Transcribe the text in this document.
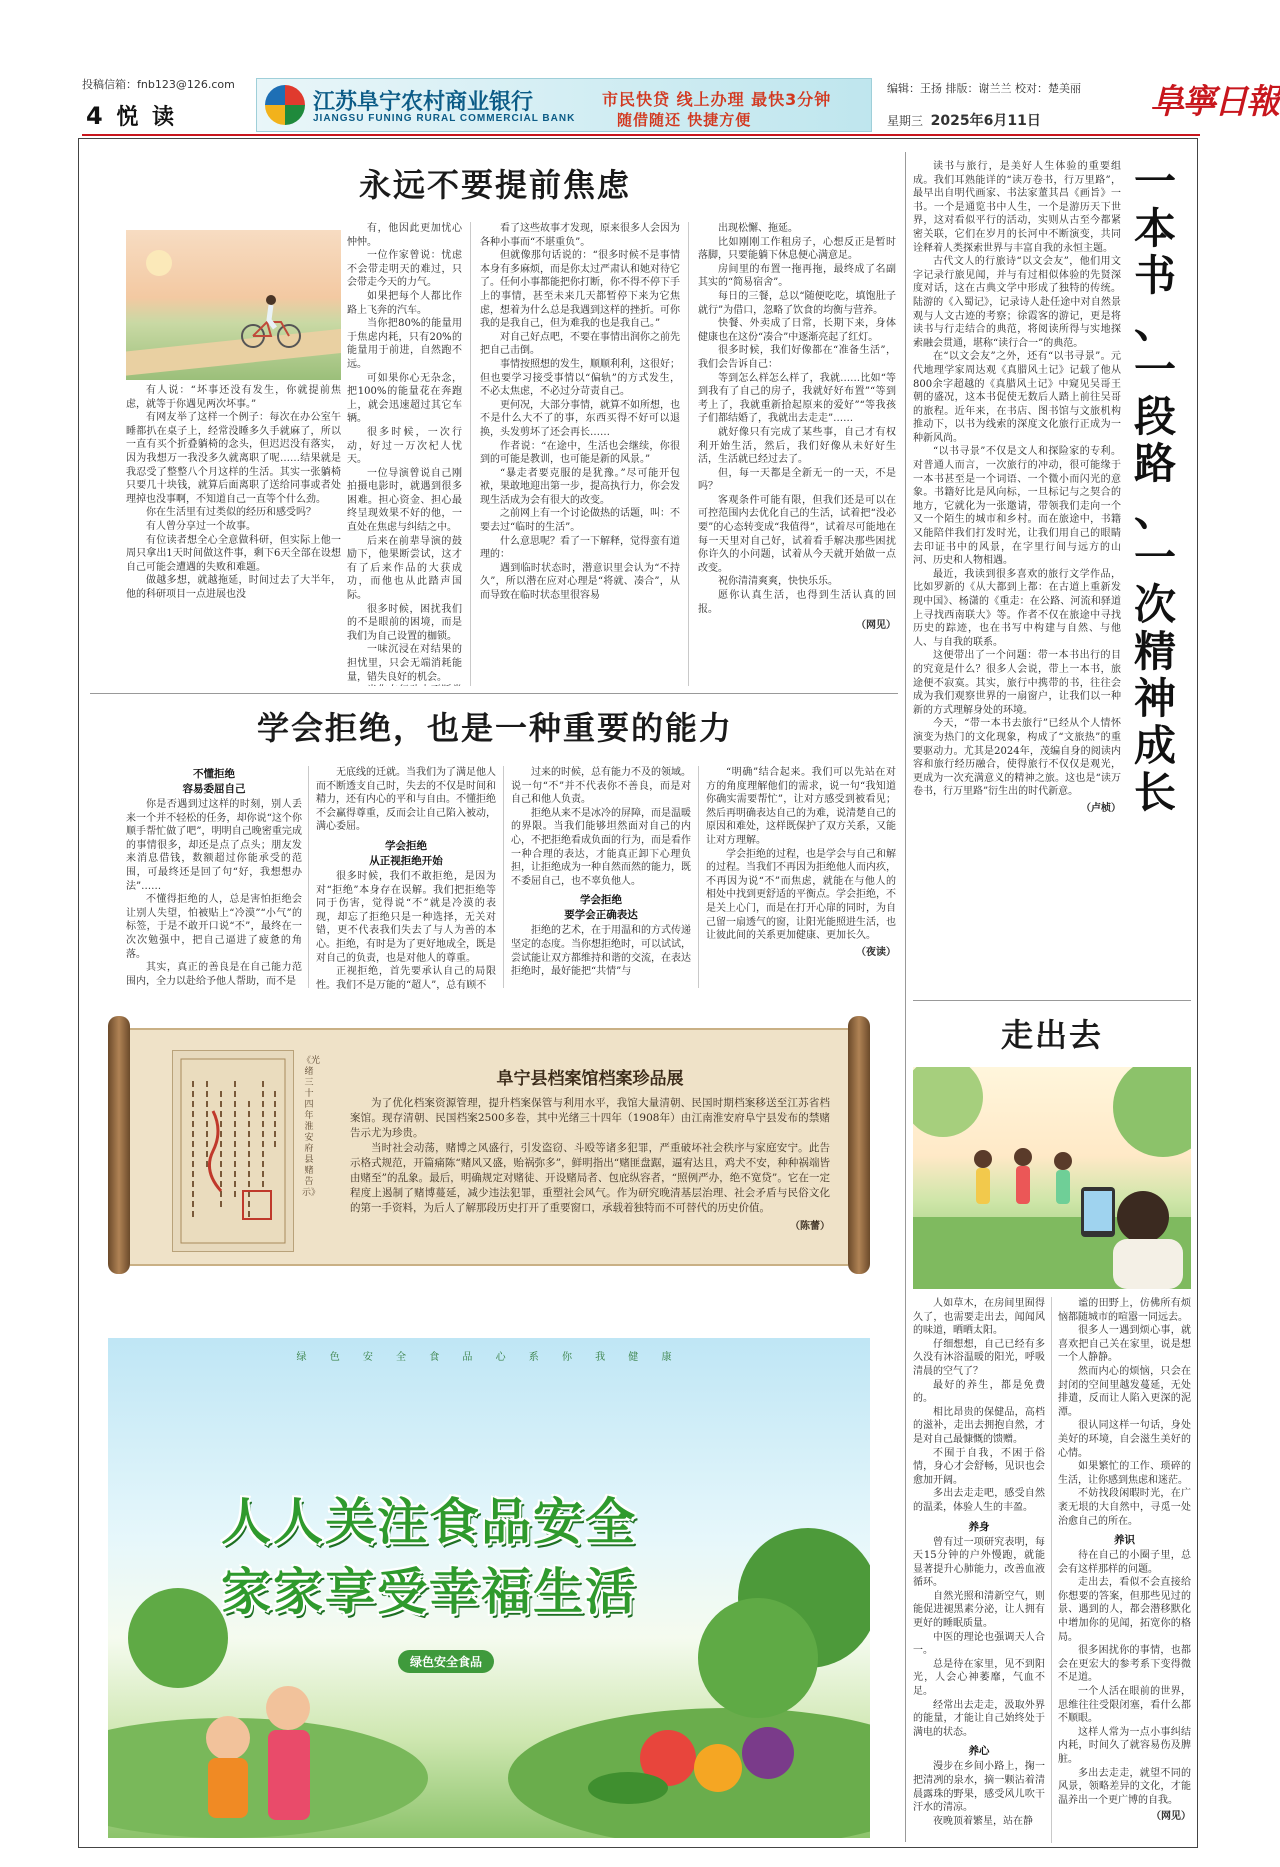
投稿信箱：fnb123@126.com
4 悦 读
江苏阜宁农村商业银行
JIANGSU FUNING RURAL COMMERCIAL BANK
市民快贷 线上办理 最快3分钟
随借随还 快捷方便
编辑：王扬 排版：谢兰兰 校对：楚美丽
星期三 2025年6月11日	阜寧日報
永远不要提前焦虑

有人说：“坏事还没有发生，你就提前焦虑，就等于你遇见两次坏事。”

有网友举了这样一个例子：每次在办公室午睡都扒在桌子上，经常没睡多久手就麻了，所以一直有买个折叠躺椅的念头，但迟迟没有落实，因为我想万一我没多久就离职了呢……结果就是我忍受了整整八个月这样的生活。其实一张躺椅只要几十块钱，就算后面离职了送给同事或者处理掉也没事啊，不知道自己一直等个什么劲。

你在生活里有过类似的经历和感受吗？

有人曾分享过一个故事。

有位读者想全心全意做科研，但实际上他一周只拿出1天时间做这件事，剩下6天全部在设想自己可能会遭遇的失败和难题。

做越多想，就越拖延，时间过去了大半年，他的科研项目一点进展也没

有，他因此更加忧心忡忡。

一位作家曾说：忧虑不会带走明天的难过，只会带走今天的力气。

如果把每个人都比作路上飞奔的汽车。

当你把80%的能量用于焦虑内耗，只有20%的能量用于前进，自然跑不远。

可如果你心无杂念，把100%的能量花在奔跑上，就会迅速超过其它车辆。

很多时候，一次行动，好过一万次杞人忧天。

一位导演曾说自己刚拍摄电影时，就遇到很多困难。担心资金、担心最终呈现效果不好的他，一直处在焦虑与纠结之中。

后来在前辈导演的鼓励下，他果断尝试，这才有了后来作品的大获成功，而他也从此踏声国际。

很多时候，困扰我们的不是眼前的困境，而是我们为自己设置的枷锁。

一味沉浸在对结果的担忧里，只会无端消耗能量，错失良好的机会。

看了这些故事才发现，原来很多人会因为各种小事而“不堪重负”。

但就像那句话说的：“很多时候不是事情本身有多麻烦，而是你太过严肃认和她对待它了。任何小事都能把你打断，你不得不停下手上的事情，甚至未来几天都暂停下来为它焦虑，想着为什么总是我遇到这样的挫折。可你我的是我自己，但为难我的也是我自己。”

对自己好点吧，不要在事情出润你之前先把自己击倒。

事情按照想的发生，顺顺利利，这很好；但也要学习接受事情以“偏轨”的方式发生，不必太焦虑，不必过分苛责自己。

更何况，大部分事情，就算不如所想，也不是什么大不了的事，东西买得不好可以退换，头发剪坏了还会再长……

作者说：“在途中，生活也会继续，你很到的可能是教训，也可能是新的风景。”

“暴走者要克服的是犹豫。”尽可能开包袱，果敢地迎出第一步，提高执行力，你会发现生活成为会有很大的改变。

之前网上有一个讨论做热的话题，叫：不要去过“临时的生活”。

什么意思呢？看了一下解释，觉得蛮有道理的：

遇到临时状态时，潜意识里会认为“不持久”，所以潜在应对心理是“将就、凑合”，从而导致在临时状态里很容易

出现松懈、拖延。

比如刚刚工作租房子，心想反正是暂时落脚，只要能躺下休息便心满意足。

房间里的布置一拖再拖，最终成了名副其实的“简易宿舍”。

每日的三餐，总以“随便吃吃，填饱肚子就行”为借口，忽略了饮食的均衡与营养。

快餐、外卖成了日常，长期下来，身体健康也在这份“凑合”中逐渐亮起了红灯。

很多时候，我们好像都在“准备生活”，我们会告诉自己：

等到怎么样怎么样了，我就……比如“等到我有了自己的房子，我就好好布置”“等到考上了，我就重新拾起原来的爱好”“等我孩子们都结婚了，我就出去走走”……

就好像只有完成了某些事，自己才有权利开始生活，然后，我们好像从未好好生活，生活就已经过去了。

但，每一天都是全新无一的一天，不是吗？

客观条件可能有限，但我们还是可以在可控范围内去优化自己的生活，试着把“没必要”的心态转变成“我值得”，试着尽可能地在每一天里对自己好，试着看手解决那些困扰你许久的小问题，试着从今天就开始做一点改变。

祝你清清爽爽，快快乐乐。

愿你认真生活，也得到生活认真的回报。

（网见）
学会拒绝，也是一种重要的能力
不懂拒绝
容易委屈自己

你是否遇到过这样的时刻，别人丢来一个并不轻松的任务，却你说“这个你顺手帮忙做了吧”，明明自己晚密重完成的事情很多，却还是点了点头；朋友发来消息借钱，数额超过你能承受的范围，可最终还是回了句“好，我想想办法”……

不懂得拒绝的人，总是害怕拒绝会让别人失望，怕被贴上“冷漠”“小气”的标签，于是不敢开口说“不”，最终在一次次勉强中，把自己逼进了疲惫的角落。

其实，真正的善良是在自己能力范围内，全力以赴给予他人帮助，而不是

无底线的迁就。当我们为了满足他人而不断透支自己时，失去的不仅是时间和精力，还有内心的平和与自由。不懂拒绝不会赢得尊重，反而会让自己陷入被动，满心委屈。

学会拒绝
从正视拒绝开始

很多时候，我们不敢拒绝，是因为对“拒绝”本身存在误解。我们把拒绝等同于伤害，觉得说“不”就是冷漠的表现，却忘了拒绝只是一种选择，无关对错，更不代表我们失去了与人为善的本心。拒绝，有时是为了更好地成全，既是对自己的负责，也是对他人的尊重。

正视拒绝，首先要承认自己的局限性。我们不是万能的“超人”，总有顾不

过来的时候，总有能力不及的领域。说一句“不”并不代表你不善良，而是对自己和他人负责。

拒绝从来不是冰冷的屏障，而是温暖的界限。当我们能够坦然面对自己的内心，不把拒绝看成负面的行为，而是看作一种合理的表达，才能真正卸下心理负担，让拒绝成为一种自然而然的能力，既不委屈自己，也不辜负他人。

学会拒绝
要学会正确表达

拒绝的艺术，在于用温和的方式传递坚定的态度。当你想拒绝时，可以试试，尝试能让双方都维持和谐的交流，在表达拒绝时，最好能把“共情”与

“明确”结合起来。我们可以先站在对方的角度理解他们的需求，说一句“我知道你确实需要帮忙”，让对方感受到被看见；然后再明确表达自己的为难，说清楚自己的原因和难处，这样既保护了双方关系，又能让对方理解。

学会拒绝的过程，也是学会与自己和解的过程。当我们不再因为拒绝他人而内疚，不再因为说“不”而焦虑，就能在与他人的相处中找到更舒适的平衡点。学会拒绝，不是关上心门，而是在打开心扉的同时，为自己留一扇透气的窗，让阳光能照进生活，也让彼此间的关系更加健康、更加长久。

（夜读）
《光绪三十四年淮安府县赌告示》
阜宁县档案馆档案珍品展

为了优化档案资源管理，提升档案保管与利用水平，我馆大量清朝、民国时期档案移送至江苏省档案馆。现存清朝、民国档案2500多卷，其中光绪三十四年（1908年）由江南淮安府阜宁县发布的禁赌告示尤为珍贵。

当时社会动荡，赌博之风盛行，引发盗窃、斗殴等诸多犯罪，严重破坏社会秩序与家庭安宁。此告示格式规范，开篇痛陈“赌风又盛，贻祸弥多”，鲜明指出“赌匪盘踞，逼宥达且，鸡犬不安，种种祸端皆由赌至”的乱象。最后，明确规定对赌徒、开设赌局者、包庇纵容者，“照例严办，绝不宽贷”。它在一定程度上遏制了赌博蔓延，减少违法犯罪，重塑社会风气。作为研究晚清基层治理、社会矛盾与民俗文化的第一手资料，为后人了解那段历史打开了重要窗口，承载着独特而不可替代的历史价值。

（陈蕾）
绿 色 安 全 食 品 心 系 你 我 健 康
人人关注食品安全
家家享受幸福生活
绿色安全食品
一
本
书
、
一
段
路
、
一
次
精
神
成
长

读书与旅行，是美好人生体验的重要组成。我们耳熟能详的“读万卷书，行万里路”，最早出自明代画家、书法家董其昌《画旨》一书。一个是通览书中人生，一个是游历天下世界，这对看似平行的活动，实则从古至今都紧密关联，它们在岁月的长河中不断演变，共同诠释着人类探索世界与丰富自我的永恒主题。

古代文人的行旅诗“以文会友”，他们用文字记录行旅见闻，并与有过相似体验的先贤深度对话，这在古典文学中形成了独特的传统。陆游的《入蜀记》，记录诗人赴任途中对自然景观与人文古迹的考察；徐霞客的游记，更是将读书与行走结合的典范，将阅读所得与实地探索融会贯通，堪称“读行合一”的典范。

在“以文会友”之外，还有“以书寻景”。元代地理学家周达观《真腊风土记》记载了他从800余字超越的《真腊风土记》中窥见吴哥王朝的盛况，这本书促使无数后人踏上前往吴哥的旅程。近年来，在书店、图书馆与文旅机构推动下，以书为线索的深度文化旅行正成为一种新风尚。

“以书寻景”不仅是文人和探险家的专利。对普通人而言，一次旅行的冲动，很可能缘于一本书甚至是一个词语、一个微小而闪光的意象。书籍好比是风向标，一旦标记与之契合的地方，它就化为一张邀请，带领我们走向一个又一个陌生的城市和乡村。而在旅途中，书籍又能陪伴我们打发时光，让我们用自己的眼睛去印证书中的风景，在字里行间与远方的山河、历史和人物相遇。

最近，我读到很多喜欢的旅行文学作品，比如罗新的《从大都到上都：在古道上重新发现中国》、杨潇的《重走：在公路、河流和驿道上寻找西南联大》等。作者不仅在旅途中寻找历史的踪迹，也在书写中构建与自然、与他人、与自我的联系。

这便带出了一个问题：带一本书出行的目的究竟是什么？很多人会说，带上一本书，旅途便不寂寞。其实，旅行中携带的书，往往会成为我们观察世界的一扇窗户，让我们以一种新的方式理解身处的环境。

今天，“带一本书去旅行”已经从个人情怀演变为热门的文化现象，构成了“文旅热”的重要驱动力。尤其是2024年，茂编自身的阅读内容和旅行经历融合，使得旅行不仅仅是观光，更成为一次充满意义的精神之旅。这也是“读万卷书，行万里路”衍生出的时代新意。

（卢桢）
走出去

人如草木，在房间里囿得久了，也需要走出去，闻闻风的味道，晒晒太阳。

仔细想想，自己已经有多久没有沐浴温暖的阳光，呼吸清晨的空气了？

最好的养生，都是免费的。

相比昂贵的保健品，高档的滋补，走出去拥抱自然，才是对自己最慷慨的馈赠。

不囿于自我，不困于俗情，身心才会舒畅，见识也会愈加开阔。

多出去走走吧，感受自然的温柔，体验人生的丰盈。

养身

曾有过一项研究表明，每天15分钟的户外慢跑，就能显著提升心肺能力，改善血液循环。

自然光照和清新空气，则能促进褪黑素分泌，让人拥有更好的睡眠质量。

中医的理论也强调天人合一。

总是待在家里，见不到阳光，人会心神萎靡，气血不足。

经常出去走走，汲取外界的能量，才能让自己始终处于满电的状态。

养心

漫步在乡间小路上，掬一把清冽的泉水，摘一颗沾着清晨露珠的野果，感受风儿吹干汗水的清凉。

夜晚顶着繁星，站在静

谧的田野上，仿佛所有烦恼都随城市的喧嚣一同远去。

很多人一遇到烦心事，就喜欢把自己关在家里，说是想一个人静静。

然而内心的烦恼，只会在封闭的空间里越发蔓延，无处排遣，反而让人陷入更深的泥潭。

很认同这样一句话，身处美好的环境，自会滋生美好的心情。

如果繁忙的工作、琐碎的生活，让你感到焦虑和迷茫。

不妨找段闲暇时光，在广袤无垠的大自然中，寻觅一处治愈自己的所在。

养识

待在自己的小圈子里，总会有这样那样的问题。

走出去，看似不会直接给你想要的答案，但那些见过的景、遇到的人，都会潜移默化中增加你的见闻，拓宽你的格局。

很多困扰你的事情，也都会在更宏大的参考系下变得微不足道。

一个人活在眼前的世界，思维往往受限闭塞，看什么都不顺眼。

这样人常为一点小事纠结内耗，时间久了就容易伤及脾脏。

多出去走走，就望不同的风景，领略差异的文化，才能温养出一个更广博的自我。

（网见）
